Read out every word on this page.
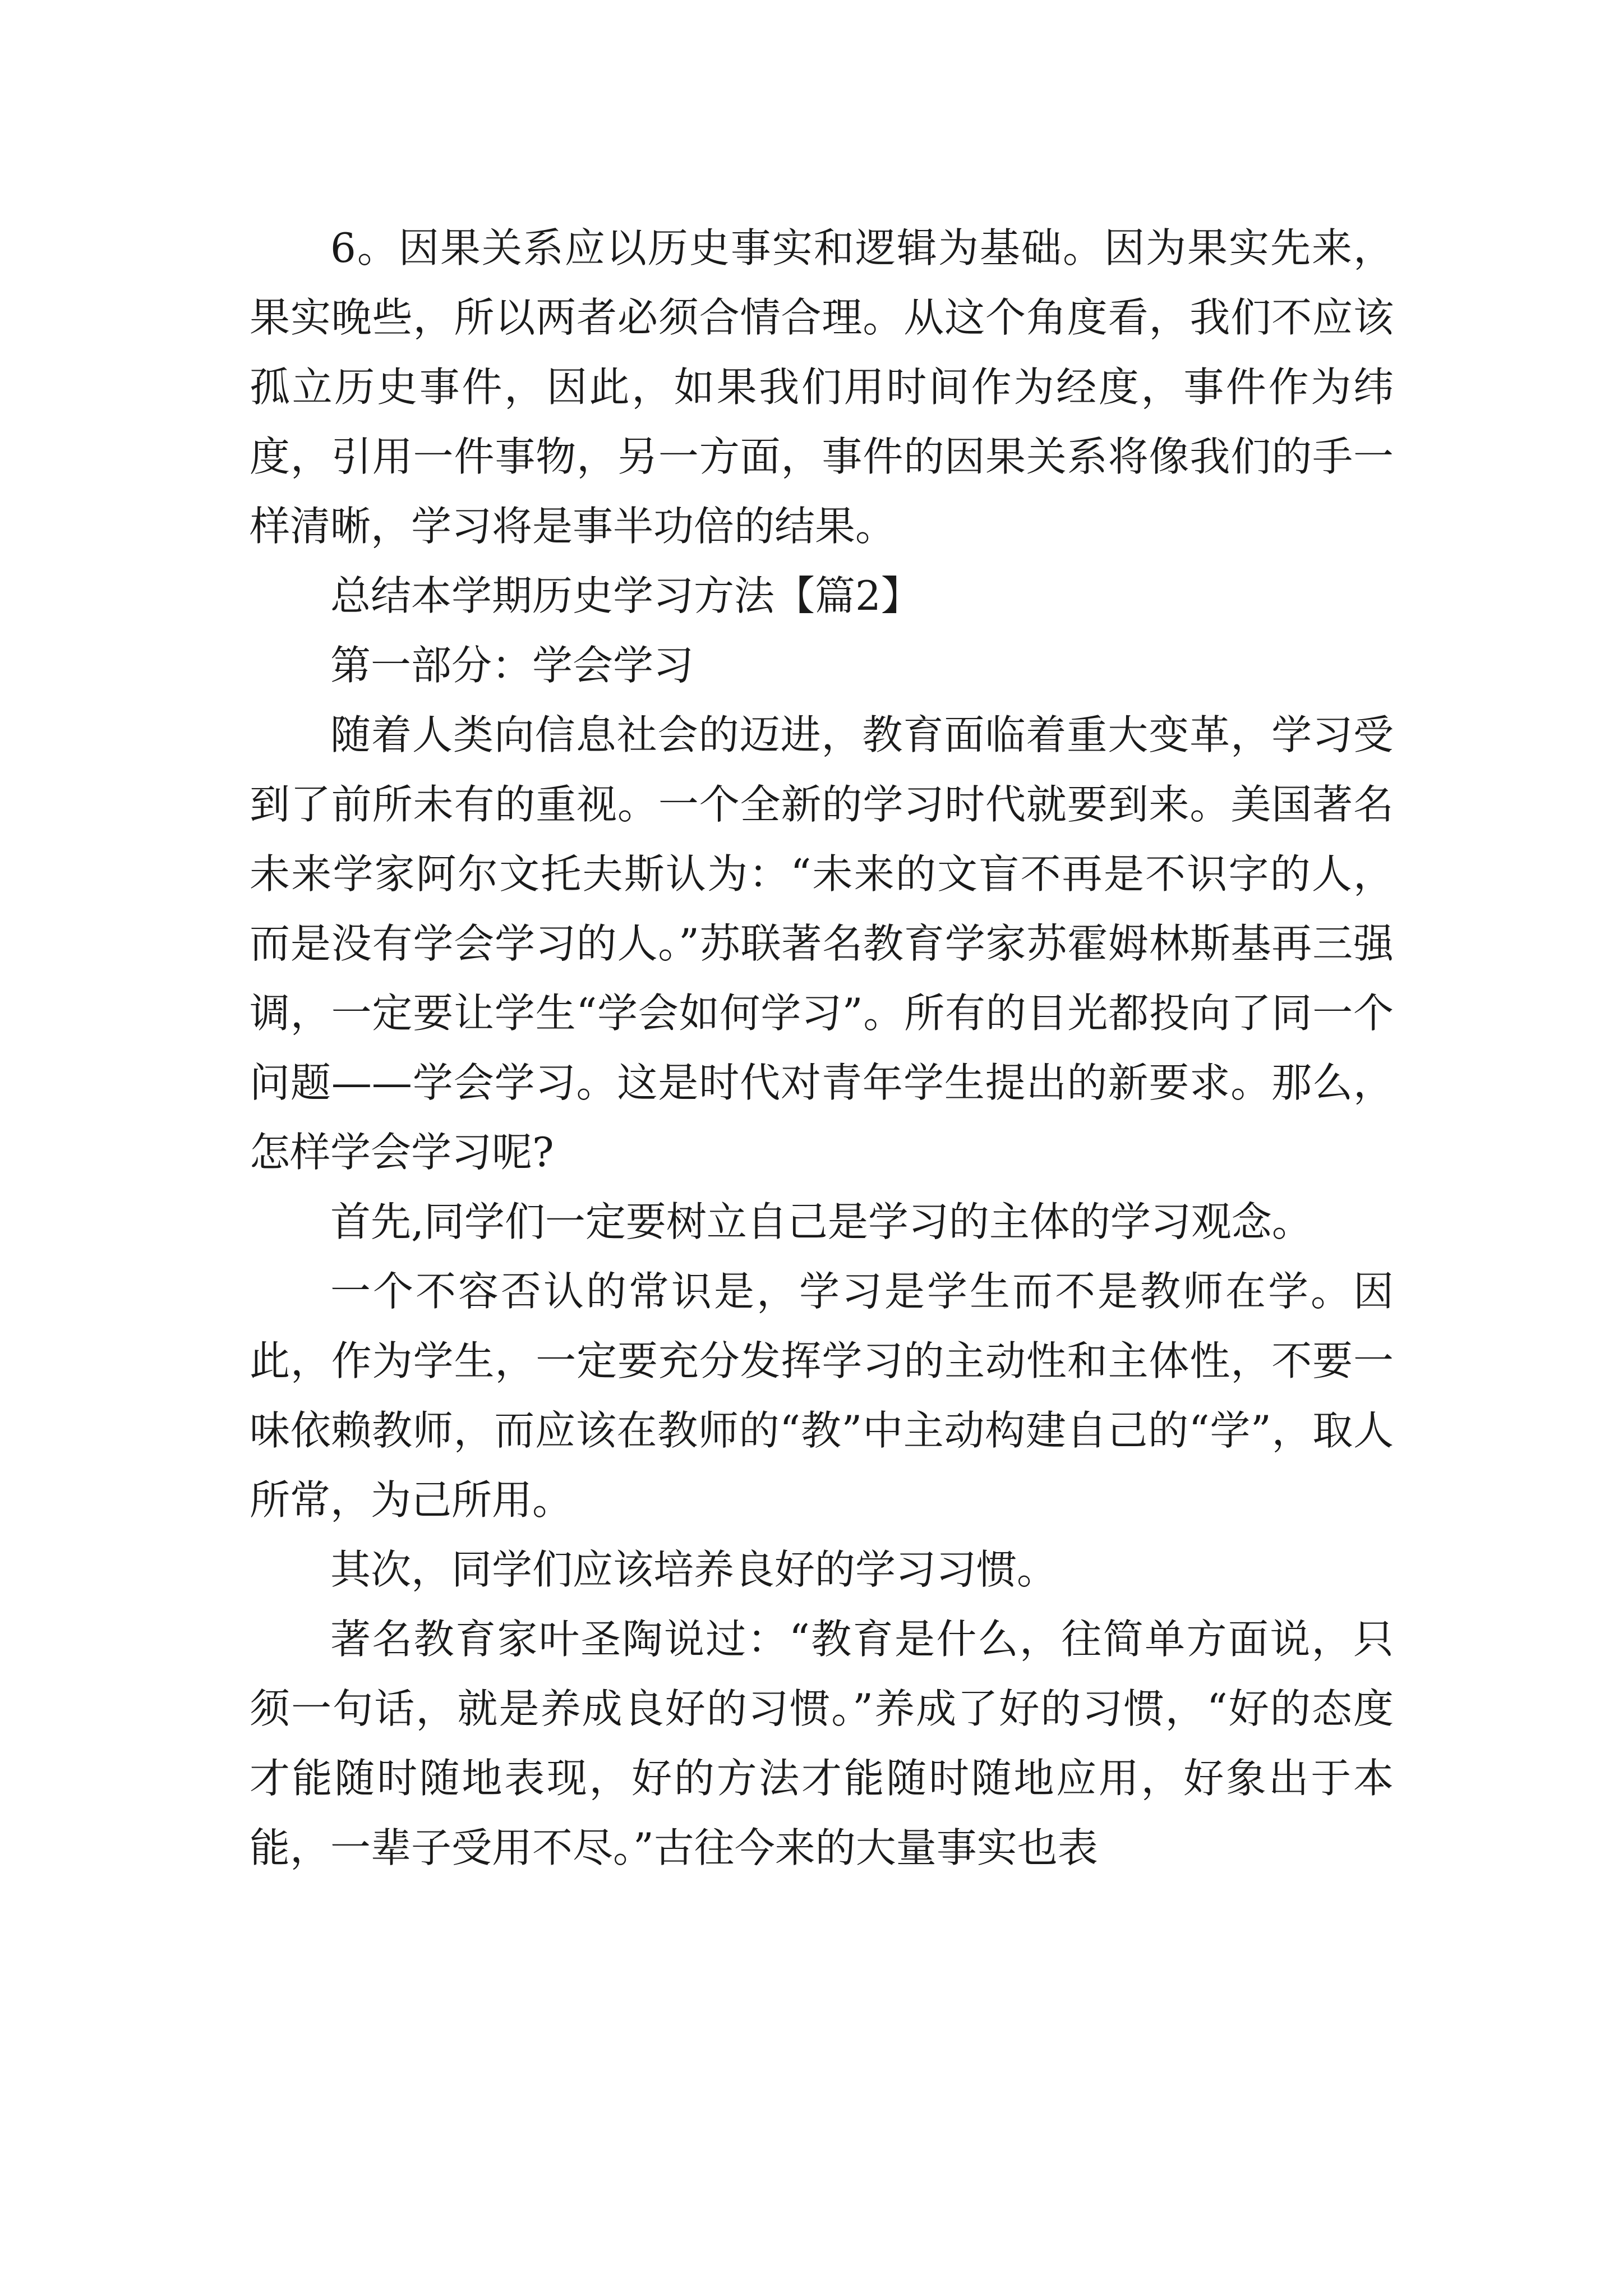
6。因果关系应以历史事实和逻辑为基础。因为果实先来，果实晚些，所以两者必须合情合理。从这个角度看，我们不应该孤立历史事件，因此，如果我们用时间作为经度，事件作为纬度，引用一件事物，另一方面，事件的因果关系将像我们的手一样清晰，学习将是事半功倍的结果。

总结本学期历史学习方法【篇2】

第一部分：学会学习

随着人类向信息社会的迈进，教育面临着重大变革，学习受到了前所未有的重视。一个全新的学习时代就要到来。美国著名未来学家阿尔文托夫斯认为：“未来的文盲不再是不识字的人，而是没有学会学习的人。”苏联著名教育学家苏霍姆林斯基再三强调，一定要让学生“学会如何学习”。所有的目光都投向了同一个问题——学会学习。这是时代对青年学生提出的新要求。那么，怎样学会学习呢?

首先,同学们一定要树立自己是学习的主体的学习观念。

一个不容否认的常识是，学习是学生而不是教师在学。因此，作为学生，一定要充分发挥学习的主动性和主体性，不要一味依赖教师，而应该在教师的“教”中主动构建自己的“学”，取人所常，为己所用。

其次，同学们应该培养良好的学习习惯。

著名教育家叶圣陶说过：“教育是什么，往简单方面说，只须一句话，就是养成良好的习惯。”养成了好的习惯，“好的态度才能随时随地表现，好的方法才能随时随地应用，好象出于本能，一辈子受用不尽。”古往今来的大量事实也表
